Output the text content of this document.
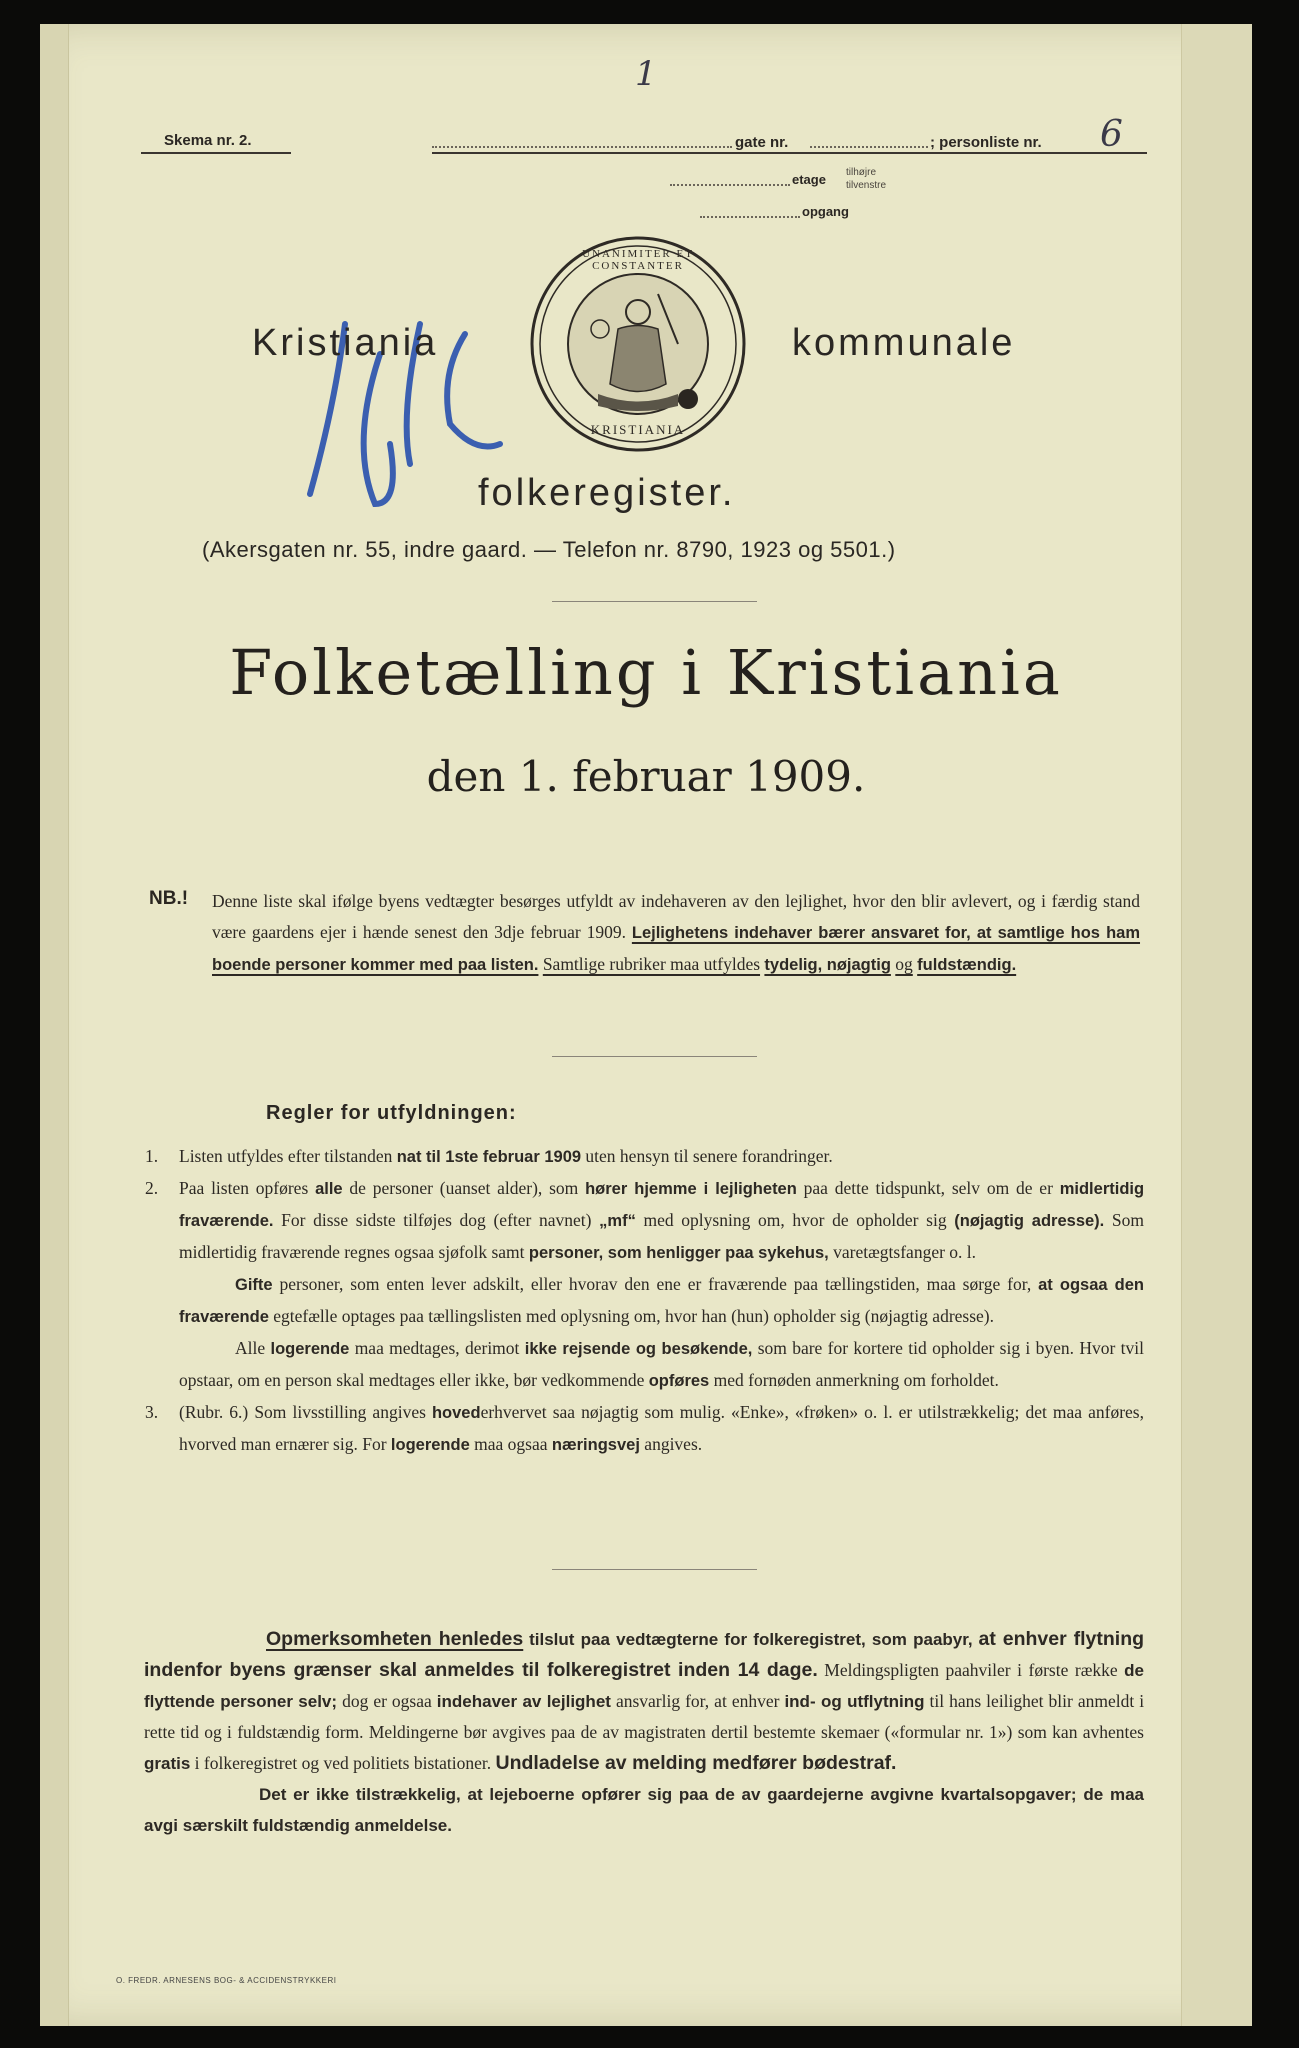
1
Skema nr. 2.	gate nr.	; personliste nr. 6
etage tilhøjre
tilvenstre
opgang
UNANIMITER ET CONSTANTER
KRISTIANIA
Kristiania	kommunale
folkeregister.
(Akersgaten nr. 55, indre gaard. — Telefon nr. 8790, 1923 og 5501.)
Folketælling i Kristiania
den 1. februar 1909.
NB.! Denne liste skal ifølge byens vedtægter besørges utfyldt av indehaveren av den lejlighet, hvor den blir avlevert, og i færdig stand være gaardens ejer i hænde senest den 3dje februar 1909. Lejlighetens indehaver bærer ansvaret for, at samtlige hos ham boende personer kommer med paa listen. Samtlige rubriker maa utfyldes tydelig, nøjagtig og fuldstændig.
Regler for utfyldningen:
1. Listen utfyldes efter tilstanden nat til 1ste februar 1909 uten hensyn til senere forandringer.
2. Paa listen opføres alle de personer (uanset alder), som hører hjemme i lejligheten paa dette tidspunkt, selv om de er midlertidig fraværende. For disse sidste tilføjes dog (efter navnet) „mf“ med oplysning om, hvor de opholder sig (nøjagtig adresse). Som midlertidig fraværende regnes ogsaa sjøfolk samt personer, som henligger paa sykehus, varetægtsfanger o. l.
Gifte personer, som enten lever adskilt, eller hvorav den ene er fraværende paa tællingstiden, maa sørge for, at ogsaa den fraværende egtefælle optages paa tællingslisten med oplysning om, hvor han (hun) opholder sig (nøjagtig adresse).
Alle logerende maa medtages, derimot ikke rejsende og besøkende, som bare for kortere tid opholder sig i byen. Hvor tvil opstaar, om en person skal medtages eller ikke, bør vedkommende opføres med fornøden anmerkning om forholdet.
3. (Rubr. 6.) Som livsstilling angives hovederhvervet saa nøjagtig som mulig. «Enke», «frøken» o. l. er utilstrækkelig; det maa anføres, hvorved man ernærer sig. For logerende maa ogsaa næringsvej angives.
Opmerksomheten henledes tilslut paa vedtægterne for folkeregistret, som paabyr, at enhver flytning indenfor byens grænser skal anmeldes til folkeregistret inden 14 dage. Meldingspligten paahviler i første række de flyttende personer selv; dog er ogsaa indehaver av lejlighet ansvarlig for, at enhver ind- og utflytning til hans leilighet blir anmeldt i rette tid og i fuldstændig form. Meldingerne bør avgives paa de av magistraten dertil bestemte skemaer («formular nr. 1») som kan avhentes gratis i folkeregistret og ved politiets bistationer. Undladelse av melding medfører bødestraf.
Det er ikke tilstrækkelig, at lejeboerne opfører sig paa de av gaardejerne avgivne kvartalsopgaver; de maa avgi særskilt fuldstændig anmeldelse.
O. FREDR. ARNESENS BOG- & ACCIDENSTRYKKERI
